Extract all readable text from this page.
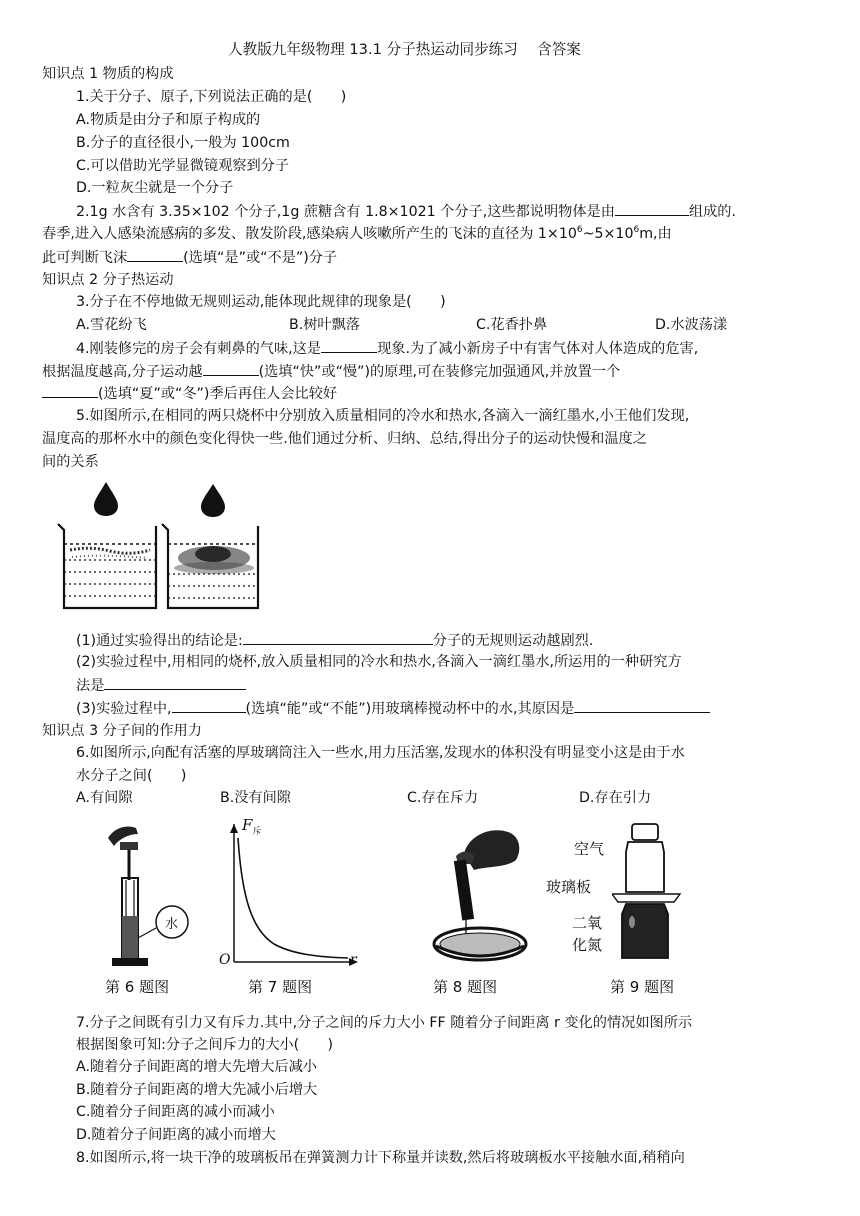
人教版九年级物理 13.1 分子热运动同步练习　 含答案
知识点 1 物质的构成
1.关于分子、原子,下列说法正确的是(　　)
A.物质是由分子和原子构成的
B.分子的直径很小,一般为 100cm
C.可以借助光学显微镜观察到分子
D.一粒灰尘就是一个分子
2.1g 水含有 3.35×102 个分子,1g 蔗糖含有 1.8×1021 个分子,这些都说明物体是由	组成的.
春季,进入人感染流感病的多发、散发阶段,感染病人咳嗽所产生的飞沫的直径为 $1\times 10^6\sim 5\times 10^6m$,由
此可判断飞沫	(选填“是”或“不是”)分子
知识点 2 分子热运动
3.分子在不停地做无规则运动,能体现此规律的现象是(　　)
A.雪花纷飞	B.树叶飘落	C.花香扑鼻	D.水波荡漾
4.刚装修完的房子会有刺鼻的气味,这是	现象.为了减小新房子中有害气体对人体造成的危害,
根据温度越高,分子运动越	(选填“快”或“慢”)的原理,可在装修完加强通风,并放置一个
(选填“夏”或“冬”)季后再住人会比较好
5.如图所示,在相同的两只烧杯中分别放入质量相同的冷水和热水,各滴入一滴红墨水,小王他们发现,
温度高的那杯水中的颜色变化得快一些.他们通过分析、归纳、总结,得出分子的运动快慢和温度之
间的关系
(1)通过实验得出的结论是:	分子的无规则运动越剧烈.
(2)实验过程中,用相同的烧杯,放入质量相同的冷水和热水,各滴入一滴红墨水,所运用的一种研究方
法是
(3)实验过程中,	(选填“能”或“不能”)用玻璃棒搅动杯中的水,其原因是
知识点 3 分子间的作用力
6.如图所示,向配有活塞的厚玻璃筒注入一些水,用力压活塞,发现水的体积没有明显变小这是由于水
水分子之间(　　)
A.有间隙	B.没有间隙	C.存在斥力	D.存在引力
水
$F_斥$
O	r
空气
玻璃板
二氧
化氮
第 6 题图	第 7 题图	第 8 题图	第 9 题图
7.分子之间既有引力又有斥力.其中,分子之间的斥力大小 FF 随着分子间距离 r 变化的情况如图所示
根据图象可知:分子之间斥力的大小(　　)
A.随着分子间距离的增大先增大后减小
B.随着分子间距离的增大先减小后增大
C.随着分子间距离的减小而减小
D.随着分子间距离的减小而增大
8.如图所示,将一块干净的玻璃板吊在弹簧测力计下称量并读数,然后将玻璃板水平接触水面,稍稍向
